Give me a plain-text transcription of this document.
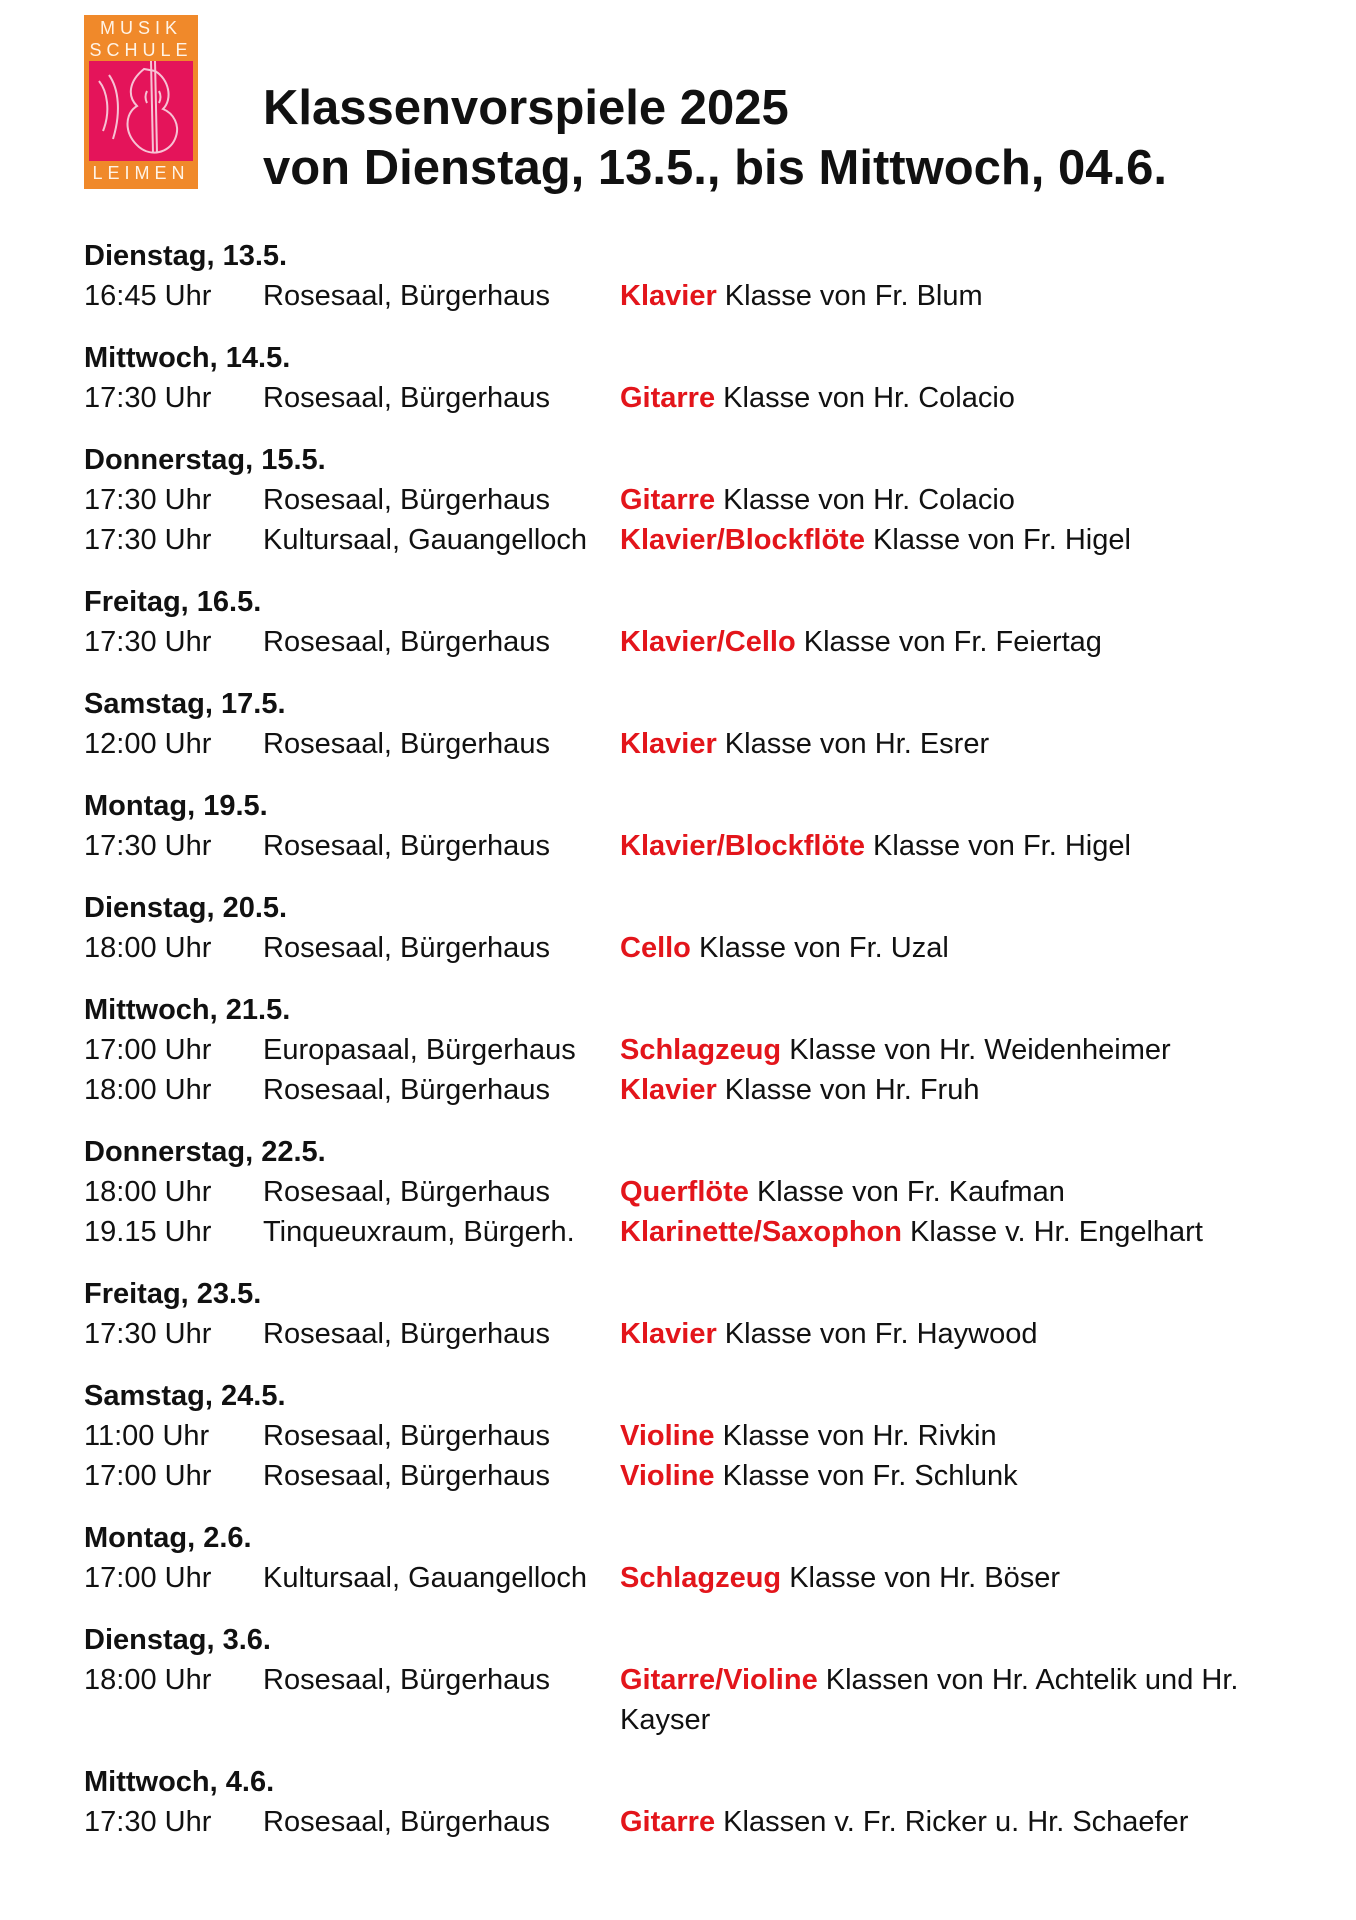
MUSIK
SCHULE
LEIMEN
Klassenvorspiele 2025
von Dienstag, 13.5., bis Mittwoch, 04.6.
Dienstag, 13.5.
16:45 Uhr Rosesaal, Bürgerhaus Klavier Klasse von Fr. Blum
Mittwoch, 14.5.
17:30 Uhr Rosesaal, Bürgerhaus Gitarre Klasse von Hr. Colacio
Donnerstag, 15.5.
17:30 Uhr Rosesaal, Bürgerhaus Gitarre Klasse von Hr. Colacio
17:30 Uhr Kultursaal, Gauangelloch Klavier/Blockflöte Klasse von Fr. Higel
Freitag, 16.5.
17:30 Uhr Rosesaal, Bürgerhaus Klavier/Cello Klasse von Fr. Feiertag
Samstag, 17.5.
12:00 Uhr Rosesaal, Bürgerhaus Klavier Klasse von Hr. Esrer
Montag, 19.5.
17:30 Uhr Rosesaal, Bürgerhaus Klavier/Blockflöte Klasse von Fr. Higel
Dienstag, 20.5.
18:00 Uhr Rosesaal, Bürgerhaus Cello Klasse von Fr. Uzal
Mittwoch, 21.5.
17:00 Uhr Europasaal, Bürgerhaus Schlagzeug Klasse von Hr. Weidenheimer
18:00 Uhr Rosesaal, Bürgerhaus Klavier Klasse von Hr. Fruh
Donnerstag, 22.5.
18:00 Uhr Rosesaal, Bürgerhaus Querflöte Klasse von Fr. Kaufman
19.15 Uhr Tinqueuxraum, Bürgerh. Klarinette/Saxophon Klasse v. Hr. Engelhart
Freitag, 23.5.
17:30 Uhr Rosesaal, Bürgerhaus Klavier Klasse von Fr. Haywood
Samstag, 24.5.
11:00 Uhr Rosesaal, Bürgerhaus Violine Klasse von Hr. Rivkin
17:00 Uhr Rosesaal, Bürgerhaus Violine Klasse von Fr. Schlunk
Montag, 2.6.
17:00 Uhr Kultursaal, Gauangelloch Schlagzeug Klasse von Hr. Böser
Dienstag, 3.6.
18:00 Uhr Rosesaal, Bürgerhaus Gitarre/Violine Klassen von Hr. Achtelik und Hr. Kayser
Mittwoch, 4.6.
17:30 Uhr Rosesaal, Bürgerhaus Gitarre Klassen v. Fr. Ricker u. Hr. Schaefer
